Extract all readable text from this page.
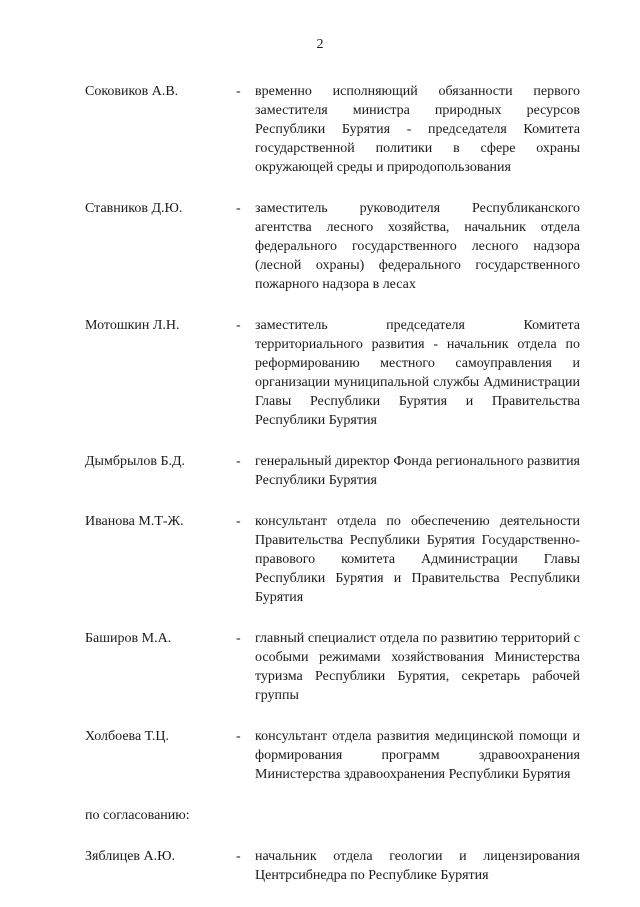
2
Соковиков А.В.	- временно исполняющий обязанности первого заместителя министра природных ресурсов Республики Бурятия - председателя Комитета государственной политики в сфере охраны окружающей среды и природопользования
Ставников Д.Ю.	- заместитель руководителя Республиканского агентства лесного хозяйства, начальник отдела федерального государственного лесного надзора (лесной охраны) федерального государственного пожарного надзора в лесах
Мотошкин Л.Н.	- заместитель председателя Комитета территориального развития - начальник отдела по реформированию местного самоуправления и организации муниципальной службы Администрации Главы Республики Бурятия и Правительства Республики Бурятия
Дымбрылов Б.Д.	- генеральный директор Фонда регионального развития Республики Бурятия
Иванова М.Т-Ж.	- консультант отдела по обеспечению деятельности Правительства Республики Бурятия Государственно-правового комитета Администрации Главы Республики Бурятия и Правительства Республики Бурятия
Баширов М.А.	- главный специалист отдела по развитию территорий с особыми режимами хозяйствования Министерства туризма Республики Бурятия, секретарь рабочей группы
Холбоева Т.Ц.	- консультант отдела развития медицинской помощи и формирования программ здравоохранения Министерства здравоохранения Республики Бурятия
по согласованию:
Зяблицев А.Ю.	- начальник отдела геологии и лицензирования Центрсибнедра по Республике Бурятия
